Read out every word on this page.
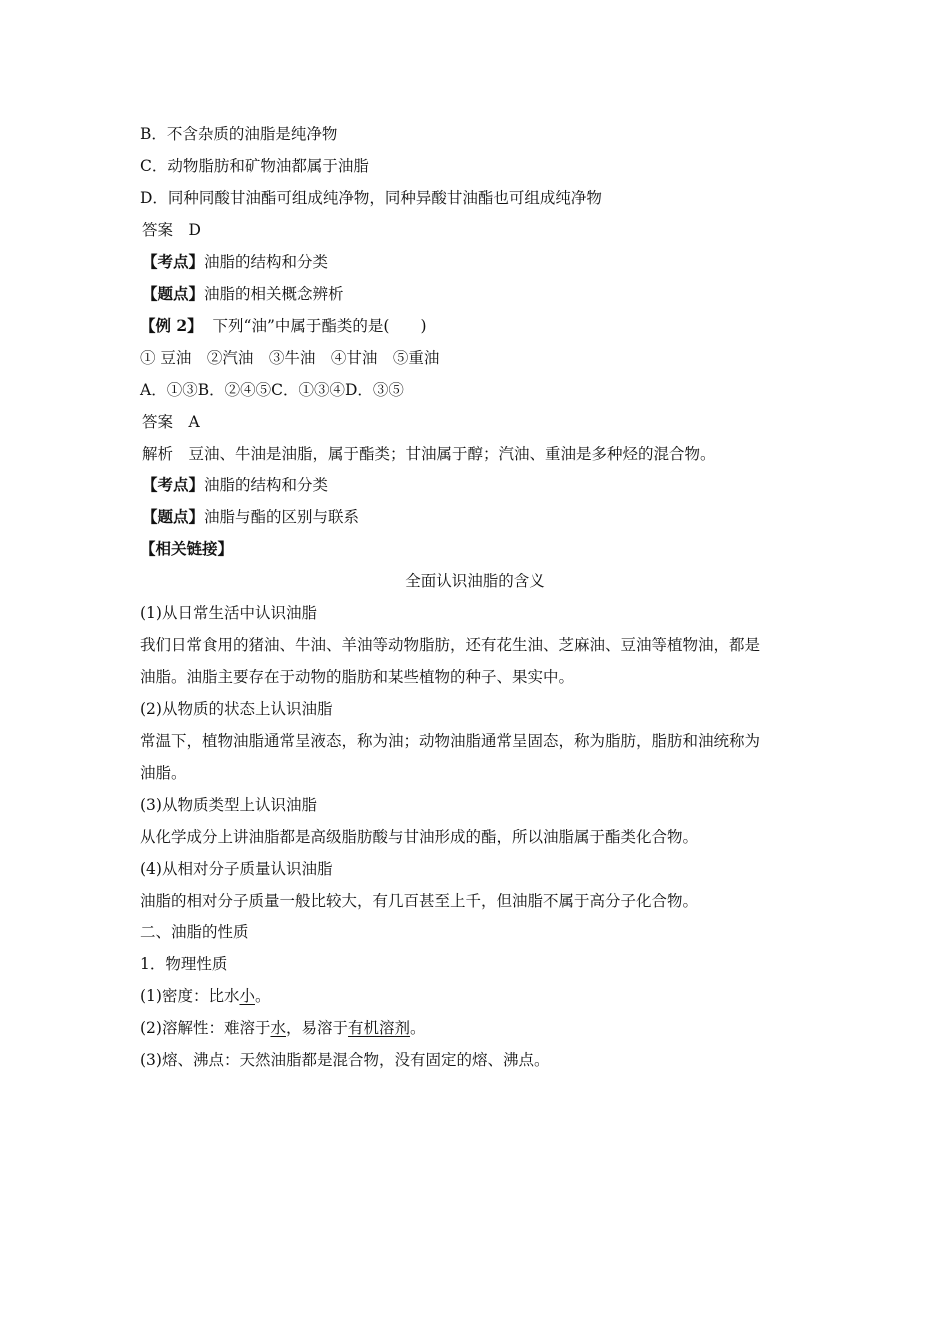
B．不含杂质的油脂是纯净物
C．动物脂肪和矿物油都属于油脂
D．同种同酸甘油酯可组成纯净物，同种异酸甘油酯也可组成纯净物
答案　D
【考点】油脂的结构和分类
【题点】油脂的相关概念辨析
【例 2】 下列“油”中属于酯类的是(　　)
① 豆油　②汽油　③牛油　④甘油　⑤重油
A．①③B．②④⑤C．①③④D．③⑤
答案　A
解析　豆油、牛油是油脂，属于酯类；甘油属于醇；汽油、重油是多种烃的混合物。
【考点】油脂的结构和分类
【题点】油脂与酯的区别与联系
【相关链接】
全面认识油脂的含义
(1)从日常生活中认识油脂
我们日常食用的猪油、牛油、羊油等动物脂肪，还有花生油、芝麻油、豆油等植物油，都是
油脂。油脂主要存在于动物的脂肪和某些植物的种子、果实中。
(2)从物质的状态上认识油脂
常温下，植物油脂通常呈液态，称为油；动物油脂通常呈固态，称为脂肪，脂肪和油统称为
油脂。
(3)从物质类型上认识油脂
从化学成分上讲油脂都是高级脂肪酸与甘油形成的酯，所以油脂属于酯类化合物。
(4)从相对分子质量认识油脂
油脂的相对分子质量一般比较大，有几百甚至上千，但油脂不属于高分子化合物。
二、油脂的性质
1．物理性质
(1)密度：比水小。
(2)溶解性：难溶于水，易溶于有机溶剂。
(3)熔、沸点：天然油脂都是混合物，没有固定的熔、沸点。
